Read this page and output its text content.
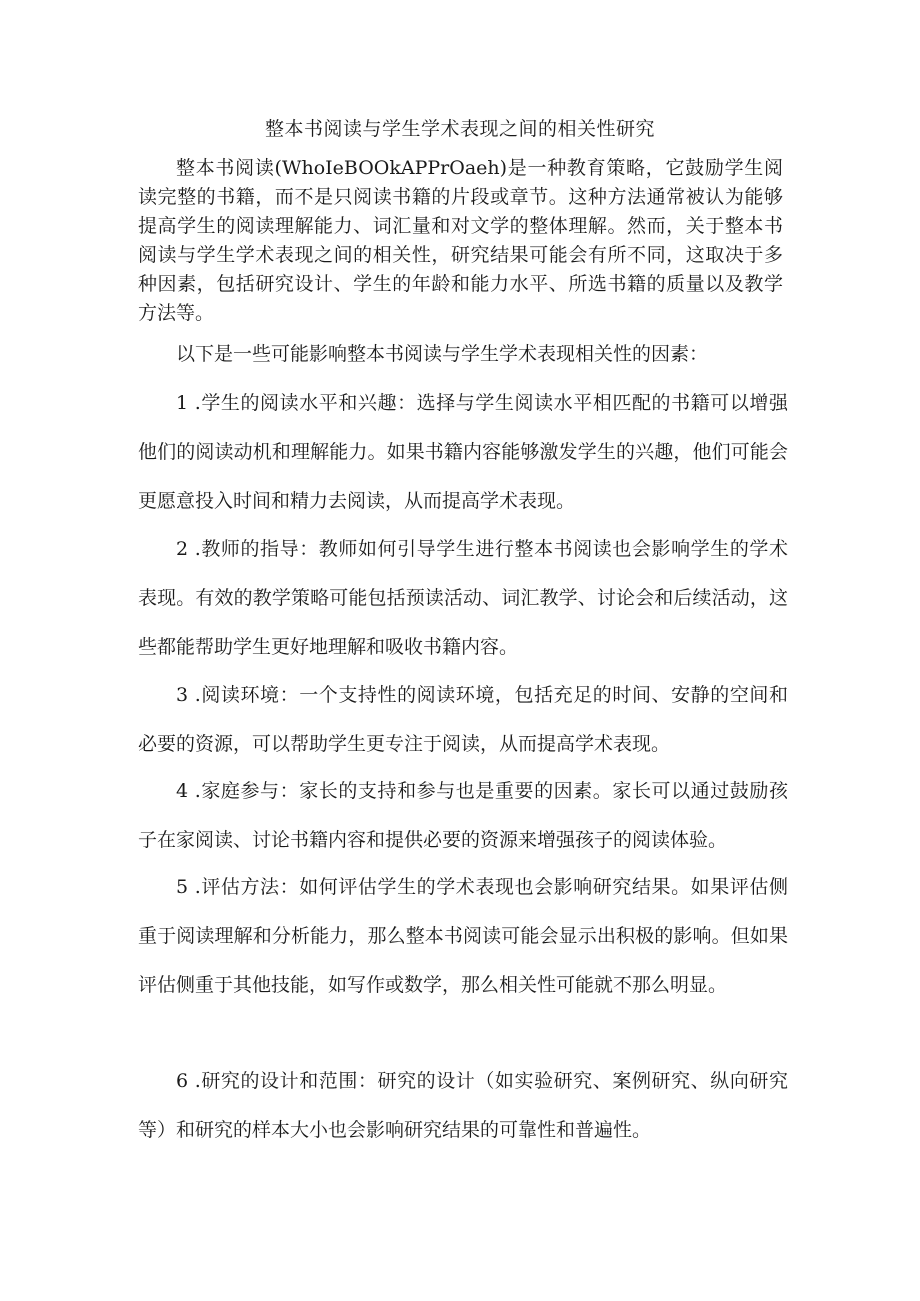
整本书阅读与学生学术表现之间的相关性研究

整本书阅读(WhoIeBOOkAPPrOaeh)是一种教育策略，它鼓励学生阅读完整的书籍，而不是只阅读书籍的片段或章节。这种方法通常被认为能够提高学生的阅读理解能力、词汇量和对文学的整体理解。然而，关于整本书阅读与学生学术表现之间的相关性，研究结果可能会有所不同，这取决于多种因素，包括研究设计、学生的年龄和能力水平、所选书籍的质量以及教学方法等。

以下是一些可能影响整本书阅读与学生学术表现相关性的因素：

1 .学生的阅读水平和兴趣：选择与学生阅读水平相匹配的书籍可以增强他们的阅读动机和理解能力。如果书籍内容能够激发学生的兴趣，他们可能会更愿意投入时间和精力去阅读，从而提高学术表现。

2 .教师的指导：教师如何引导学生进行整本书阅读也会影响学生的学术表现。有效的教学策略可能包括预读活动、词汇教学、讨论会和后续活动，这些都能帮助学生更好地理解和吸收书籍内容。

3 .阅读环境：一个支持性的阅读环境，包括充足的时间、安静的空间和必要的资源，可以帮助学生更专注于阅读，从而提高学术表现。

4 .家庭参与：家长的支持和参与也是重要的因素。家长可以通过鼓励孩子在家阅读、讨论书籍内容和提供必要的资源来增强孩子的阅读体验。

5 .评估方法：如何评估学生的学术表现也会影响研究结果。如果评估侧重于阅读理解和分析能力，那么整本书阅读可能会显示出积极的影响。但如果评估侧重于其他技能，如写作或数学，那么相关性可能就不那么明显。

6 .研究的设计和范围：研究的设计（如实验研究、案例研究、纵向研究等）和研究的样本大小也会影响研究结果的可靠性和普遍性。
